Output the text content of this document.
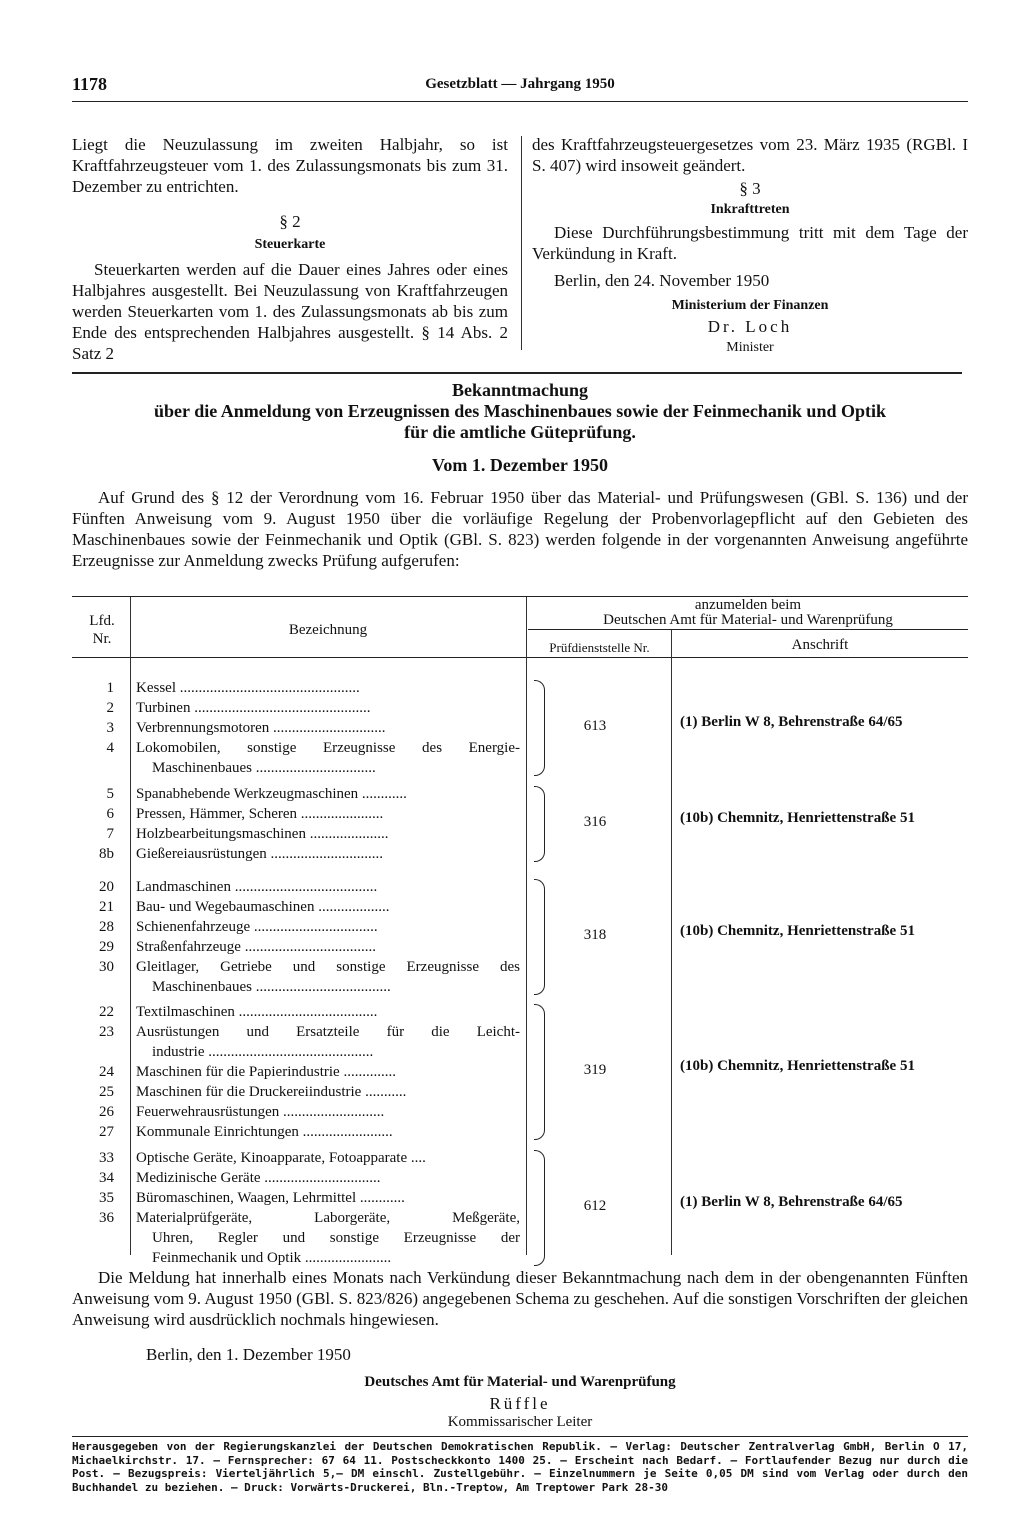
1178	Gesetzblatt — Jahrgang 1950

Liegt die Neuzulassung im zweiten Halbjahr, so ist Kraftfahrzeugsteuer vom 1. des Zulassungsmonats bis zum 31. Dezember zu entrichten.

§ 2

Steuerkarte

Steuerkarten werden auf die Dauer eines Jahres oder eines Halbjahres ausgestellt. Bei Neuzulassung von Kraftfahrzeugen werden Steuerkarten vom 1. des Zulassungsmonats ab bis zum Ende des entsprechenden Halbjahres ausgestellt. § 14 Abs. 2 Satz 2

des Kraftfahrzeugsteuergesetzes vom 23. März 1935 (RGBl. I S. 407) wird insoweit geändert.

§ 3

Inkrafttreten

Diese Durchführungsbestimmung tritt mit dem Tage der Verkündung in Kraft.

Berlin, den 24. November 1950

Ministerium der Finanzen

Dr. Loch

Minister

Bekanntmachung
über die Anmeldung von Erzeugnissen des Maschinenbaues sowie der Feinmechanik und Optik
für die amtliche Güteprüfung.
Vom 1. Dezember 1950
Auf Grund des § 12 der Verordnung vom 16. Februar 1950 über das Material- und Prüfungswesen (GBl. S. 136) und der Fünften Anweisung vom 9. August 1950 über die vorläufige Regelung der Probenvorlagepflicht auf den Gebieten des Maschinenbaues sowie der Feinmechanik und Optik (GBl. S. 823) werden folgende in der vorgenannten Anweisung angeführte Erzeugnisse zur Anmeldung zwecks Prüfung aufgerufen:
Lfd.
Nr.
Bezeichnung
anzumelden beim
Deutschen Amt für Material- und Warenprüfung
Prüfdienststelle Nr.	Anschrift
1 Kessel ................................................
2 Turbinen ...............................................
3 Verbrennungsmotoren ..............................
4 Lokomobilen, sonstige Erzeugnisse des Energie-
Maschinenbaues ................................
613	(1) Berlin W 8, Behrenstraße 64/65
5 Spanabhebende Werkzeugmaschinen ............
6 Pressen, Hämmer, Scheren ......................
7 Holzbearbeitungsmaschinen .....................
8b Gießereiausrüstungen ..............................
316	(10b) Chemnitz, Henriettenstraße 51
20 Landmaschinen ......................................
21 Bau- und Wegebaumaschinen ...................
28 Schienenfahrzeuge .................................
29 Straßenfahrzeuge ...................................
30 Gleitlager, Getriebe und sonstige Erzeugnisse des
Maschinenbaues ....................................
318	(10b) Chemnitz, Henriettenstraße 51
22 Textilmaschinen .....................................
23 Ausrüstungen und Ersatzteile für die Leicht-
industrie ............................................
24 Maschinen für die Papierindustrie ..............
25 Maschinen für die Druckereiindustrie ...........
26 Feuerwehrausrüstungen ...........................
27 Kommunale Einrichtungen ........................
319	(10b) Chemnitz, Henriettenstraße 51
33 Optische Geräte, Kinoapparate, Fotoapparate ....
34 Medizinische Geräte ...............................
35 Büromaschinen, Waagen, Lehrmittel ............
36 Materialprüfgeräte, Laborgeräte, Meßgeräte,
Uhren, Regler und sonstige Erzeugnisse der
Feinmechanik und Optik .......................
612	(1) Berlin W 8, Behrenstraße 64/65
Die Meldung hat innerhalb eines Monats nach Verkündung dieser Bekanntmachung nach dem in der obengenannten Fünften Anweisung vom 9. August 1950 (GBl. S. 823/826) angegebenen Schema zu geschehen. Auf die sonstigen Vorschriften der gleichen Anweisung wird ausdrücklich nochmals hingewiesen.
Berlin, den 1. Dezember 1950
Deutsches Amt für Material- und Warenprüfung
Rüffle
Kommissarischer Leiter
Herausgegeben von der Regierungskanzlei der Deutschen Demokratischen Republik. — Verlag: Deutscher Zentralverlag GmbH, Berlin O 17, Michaelkirchstr. 17. — Fernsprecher: 67 64 11. Postscheckkonto 1400 25. — Erscheint nach Bedarf. — Fortlaufender Bezug nur durch die Post. — Bezugspreis: Vierteljährlich 5,— DM einschl. Zustellgebühr. — Einzelnummern je Seite 0,05 DM sind vom Verlag oder durch den Buchhandel zu beziehen. — Druck: Vorwärts-Druckerei, Bln.-Treptow, Am Treptower Park 28-30
